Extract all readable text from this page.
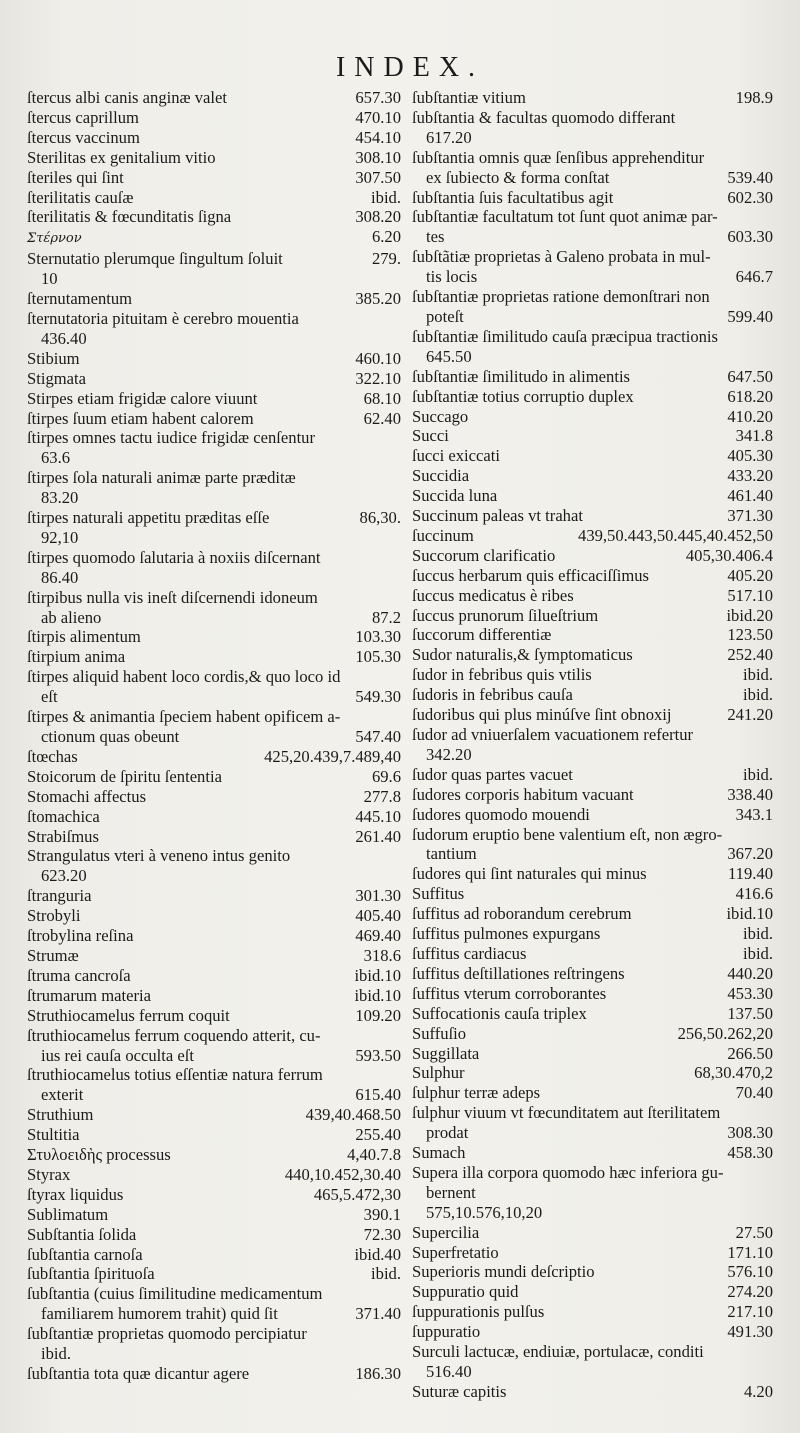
INDEX.
657.30
ſtercus albi canis anginæ valet
470.10
ſtercus caprillum
454.10
ſtercus vaccinum
308.10
Sterilitas ex genitalium vitio
307.50
ſteriles qui ſint
ibid.
ſterilitatis cauſæ
308.20
ſterilitatis & fœcunditatis ſigna
6.20
Στέρνον
279.
Sternutatio plerumque ſingultum ſoluit
10
385.20
ſternutamentum
ſternutatoria pituitam è cerebro mouentia
436.40
460.10
Stibium
322.10
Stigmata
68.10
Stirpes etiam frigidæ calore viuunt
62.40
ſtirpes ſuum etiam habent calorem
ſtirpes omnes tactu iudice frigidæ cenſentur
63.6
ſtirpes ſola naturali animæ parte præditæ
83.20
86,30.
ſtirpes naturali appetitu præditas eſſe
92,10
ſtirpes quomodo ſalutaria à noxiis diſcernant
86.40
ſtirpibus nulla vis ineſt diſcernendi idoneum
87.2
ab alieno
103.30
ſtirpis alimentum
105.30
ſtirpium anima
ſtirpes aliquid habent loco cordis,& quo loco id
549.30
eſt
ſtirpes & animantia ſpeciem habent opificem a-
547.40
ctionum quas obeunt
425,20.439,7.489,40
ſtœchas
69.6
Stoicorum de ſpiritu ſententia
277.8
Stomachi affectus
445.10
ſtomachica
261.40
Strabiſmus
Strangulatus vteri à veneno intus genito
623.20
301.30
ſtranguria
405.40
Strobyli
469.40
ſtrobylina reſina
318.6
Strumæ
ibid.10
ſtruma cancroſa
ibid.10
ſtrumarum materia
109.20
Struthiocamelus ferrum coquit
ſtruthiocamelus ferrum coquendo atterit, cu-
593.50
ius rei cauſa occulta eſt
ſtruthiocamelus totius eſſentiæ natura ferrum
615.40
exterit
439,40.468.50
Struthium
255.40
Stultitia
4,40.7.8
Στυλοειδὴς processus
440,10.452,30.40
Styrax
465,5.472,30
ſtyrax liquidus
390.1
Sublimatum
72.30
Subſtantia ſolida
ibid.40
ſubſtantia carnoſa
ibid.
ſubſtantia ſpirituoſa
ſubſtantia (cuius ſimilitudine medicamentum
371.40
familiarem humorem trahit) quid ſit
ſubſtantiæ proprietas quomodo percipiatur
ibid.
186.30
ſubſtantia tota quæ dicantur agere
198.9
ſubſtantiæ vitium
ſubſtantia & facultas quomodo differant
617.20
ſubſtantia omnis quæ ſenſibus apprehenditur
539.40
ex ſubiecto & forma conſtat
602.30
ſubſtantia ſuis facultatibus agit
ſubſtantiæ facultatum tot ſunt quot animæ par-
603.30
tes
ſubſtãtiæ proprietas à Galeno probata in mul-
646.7
tis locis
ſubſtantiæ proprietas ratione demonſtrari non
599.40
poteſt
ſubſtantiæ ſimilitudo cauſa præcipua tractionis
645.50
647.50
ſubſtantiæ ſimilitudo in alimentis
618.20
ſubſtantiæ totius corruptio duplex
410.20
Succago
341.8
Succi
405.30
ſucci exiccati
433.20
Succidia
461.40
Succida luna
371.30
Succinum paleas vt trahat
439,50.443,50.445,40.452,50
ſuccinum
405,30.406.4
Succorum clarificatio
405.20
ſuccus herbarum quis efficaciſſimus
517.10
ſuccus medicatus è ribes
ibid.20
ſuccus prunorum ſilueſtrium
123.50
ſuccorum differentiæ
252.40
Sudor naturalis,& ſymptomaticus
ibid.
ſudor in febribus quis vtilis
ibid.
ſudoris in febribus cauſa
241.20
ſudoribus qui plus minúſve ſint obnoxij
ſudor ad vniuerſalem vacuationem refertur
342.20
ibid.
ſudor quas partes vacuet
338.40
ſudores corporis habitum vacuant
343.1
ſudores quomodo mouendi
ſudorum eruptio bene valentium eſt, non ægro-
367.20
tantium
119.40
ſudores qui ſint naturales qui minus
416.6
Suffitus
ibid.10
ſuffitus ad roborandum cerebrum
ibid.
ſuffitus pulmones expurgans
ibid.
ſuffitus cardiacus
440.20
ſuffitus deſtillationes reſtringens
453.30
ſuffitus vterum corroborantes
137.50
Suffocationis cauſa triplex
256,50.262,20
Suffuſio
266.50
Suggillata
68,30.470,2
Sulphur
70.40
ſulphur terræ adeps
ſulphur viuum vt fœcunditatem aut ſterilitatem
308.30
prodat
458.30
Sumach
Supera illa corpora quomodo hæc inferiora gu-
bernent
575,10.576,10,20
27.50
Supercilia
171.10
Superfretatio
576.10
Superioris mundi deſcriptio
274.20
Suppuratio quid
217.10
ſuppurationis pulſus
491.30
ſuppuratio
Surculi lactucæ, endiuiæ, portulacæ, conditi
516.40
4.20
Suturæ capitis
